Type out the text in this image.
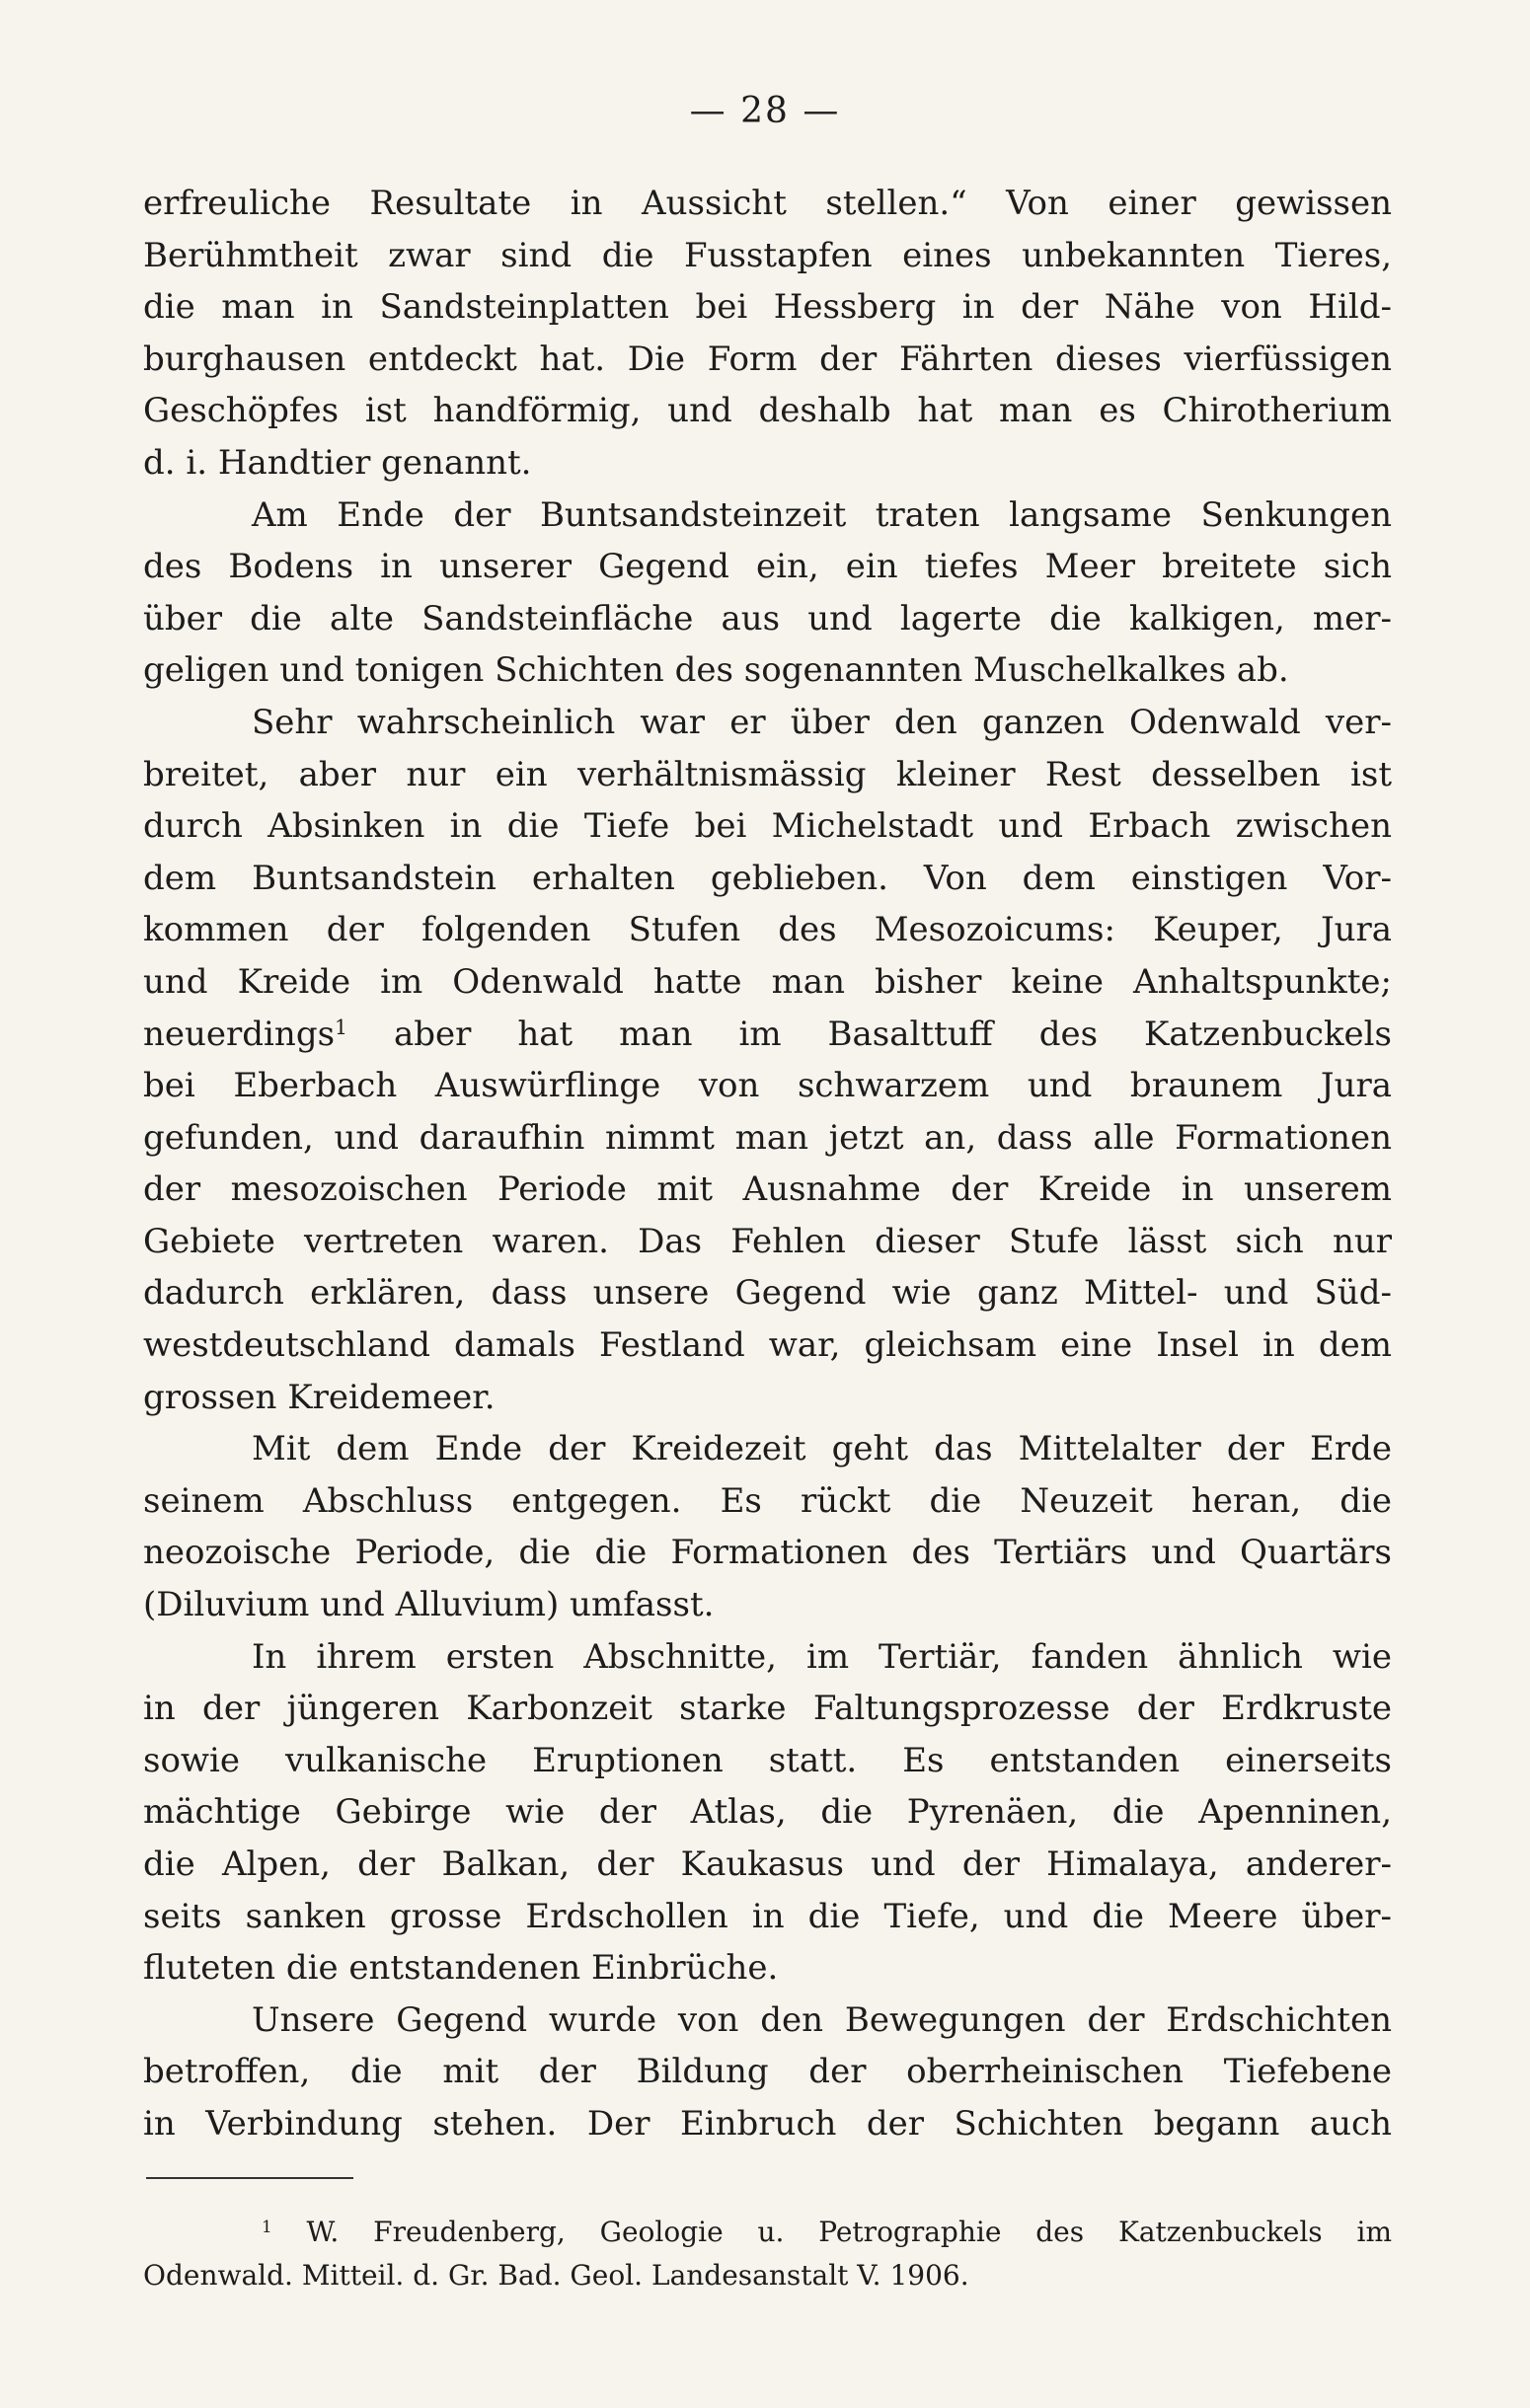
— 28 —
erfreuliche Resultate in Aussicht stellen.“ Von einer gewissen
Berühmtheit zwar sind die Fusstapfen eines unbekannten Tieres,
die man in Sandsteinplatten bei Hessberg in der Nähe von Hild-
burghausen entdeckt hat. Die Form der Fährten dieses vierfüssigen
Geschöpfes ist handförmig, und deshalb hat man es Chirotherium
d. i. Handtier genannt.
Am Ende der Buntsandsteinzeit traten langsame Senkungen
des Bodens in unserer Gegend ein, ein tiefes Meer breitete sich
über die alte Sandsteinfläche aus und lagerte die kalkigen, mer-
geligen und tonigen Schichten des sogenannten Muschelkalkes ab.
Sehr wahrscheinlich war er über den ganzen Odenwald ver-
breitet, aber nur ein verhältnismässig kleiner Rest desselben ist
durch Absinken in die Tiefe bei Michelstadt und Erbach zwischen
dem Buntsandstein erhalten geblieben. Von dem einstigen Vor-
kommen der folgenden Stufen des Mesozoicums: Keuper, Jura
und Kreide im Odenwald hatte man bisher keine Anhaltspunkte;
neuerdings$^1$ aber hat man im Basalttuff des Katzenbuckels
bei Eberbach Auswürflinge von schwarzem und braunem Jura
gefunden, und daraufhin nimmt man jetzt an, dass alle Formationen
der mesozoischen Periode mit Ausnahme der Kreide in unserem
Gebiete vertreten waren. Das Fehlen dieser Stufe lässt sich nur
dadurch erklären, dass unsere Gegend wie ganz Mittel- und Süd-
westdeutschland damals Festland war, gleichsam eine Insel in dem
grossen Kreidemeer.
Mit dem Ende der Kreidezeit geht das Mittelalter der Erde
seinem Abschluss entgegen. Es rückt die Neuzeit heran, die
neozoische Periode, die die Formationen des Tertiärs und Quartärs
(Diluvium und Alluvium) umfasst.
In ihrem ersten Abschnitte, im Tertiär, fanden ähnlich wie
in der jüngeren Karbonzeit starke Faltungsprozesse der Erdkruste
sowie vulkanische Eruptionen statt. Es entstanden einerseits
mächtige Gebirge wie der Atlas, die Pyrenäen, die Apenninen,
die Alpen, der Balkan, der Kaukasus und der Himalaya, anderer-
seits sanken grosse Erdschollen in die Tiefe, und die Meere über-
fluteten die entstandenen Einbrüche.
Unsere Gegend wurde von den Bewegungen der Erdschichten
betroffen, die mit der Bildung der oberrheinischen Tiefebene
in Verbindung stehen. Der Einbruch der Schichten begann auch
$^1$ W. Freudenberg, Geologie u. Petrographie des Katzenbuckels im
Odenwald. Mitteil. d. Gr. Bad. Geol. Landesanstalt V. 1906.
